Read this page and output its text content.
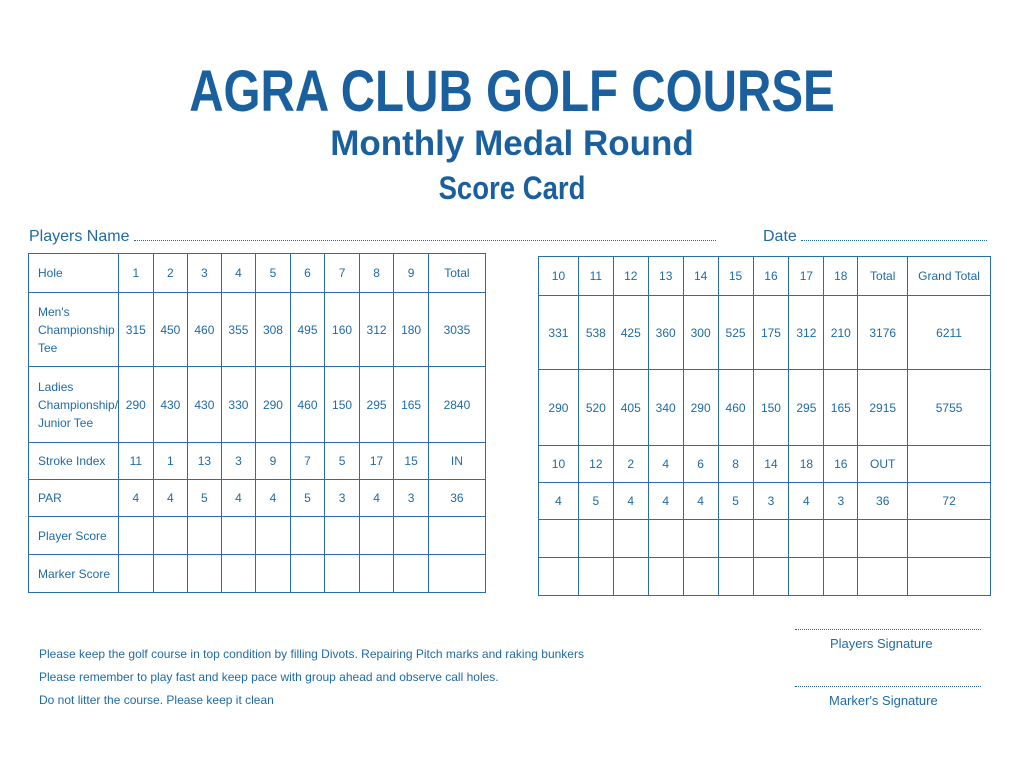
AGRA CLUB GOLF COURSE
Monthly Medal Round
Score Card
Players Name	Date
Hole	1	2	3	4	5	6	7	8	9	Total

Men's
Championship
Tee	315	450	460	355	308	495	160	312	180	3035

Ladies
Championship/
Junior Tee	290	430	430	330	290	460	150	295	165	2840
Stroke Index	11	1	13	3	9	7	5	17	15	IN
PAR	4	4	5	4	4	5	3	4	3	36
Player Score										
Marker Score										
10	11	12	13	14	15	16	17	18	Total	Grand Total
331	538	425	360	300	525	175	312	210	3176	6211
290	520	405	340	290	460	150	295	165	2915	5755
10	12	2	4	6	8	14	18	16	OUT	
4	5	4	4	4	5	3	4	3	36	72

Please keep the golf course in top condition by filling Divots. Repairing Pitch marks and raking bunkers
Please remember to play fast and keep pace with group ahead and observe call holes.
Do not litter the course. Please keep it clean
Players Signature
Marker's Signature
